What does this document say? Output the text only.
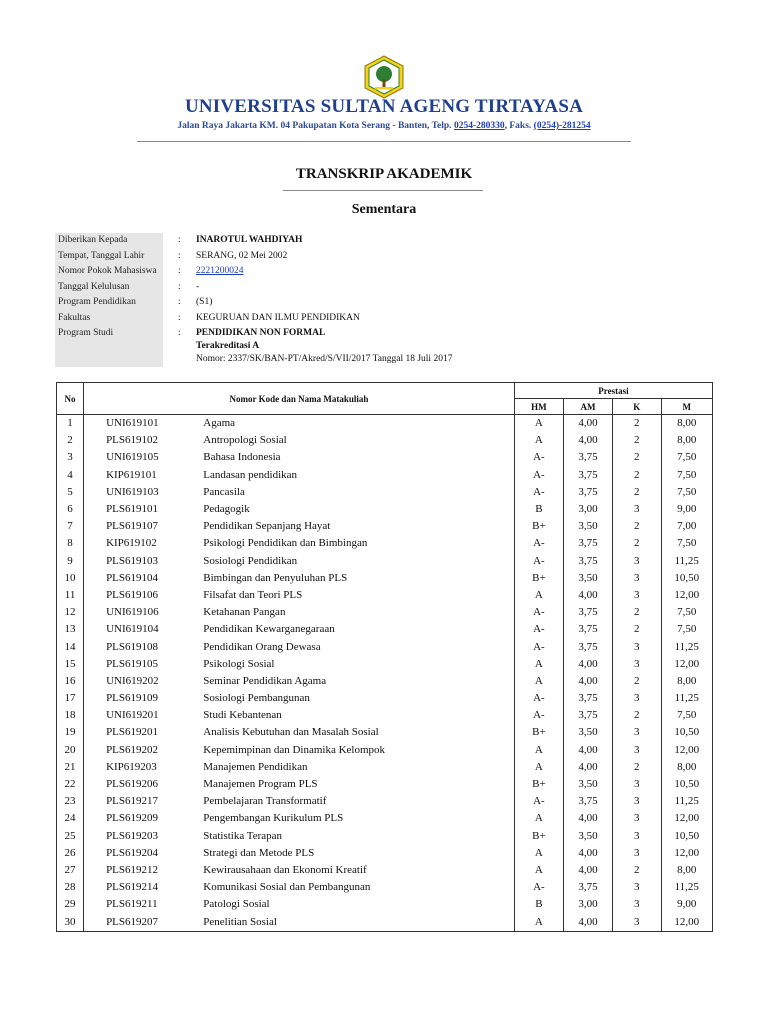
UNIVERSITAS SULTAN AGENG TIRTAYASA
Jalan Raya Jakarta KM. 04 Pakupatan Kota Serang - Banten, Telp. 0254-280330, Faks. (0254)-281254
TRANSKRIP AKADEMIK
Sementara
Diberikan Kepada	: INAROTUL WAHDIYAH
Tempat, Tanggal Lahir	: SERANG, 02 Mei 2002
Nomor Pokok Mahasiswa : 2221200024
Tanggal Kelulusan	: -
Program Pendidikan	: (S1)
Fakultas	: KEGURUAN DAN ILMU PENDIDIKAN
Program Studi	: PENDIDIKAN NON FORMAL
Terakreditasi A
Nomor: 2337/SK/BAN-PT/Akred/S/VII/2017 Tanggal 18 Juli 2017
No	Nomor Kode dan Nama Matakuliah		Prestasi			
			HM	AM	K	M
1	UNI619101	Agama	A	4,00	2	8,00
2	PLS619102	Antropologi Sosial	A	4,00	2	8,00
3	UNI619105	Bahasa Indonesia	A-	3,75	2	7,50
4	KIP619101	Landasan pendidikan	A-	3,75	2	7,50
5	UNI619103	Pancasila	A-	3,75	2	7,50
6	PLS619101	Pedagogik	B	3,00	3	9,00
7	PLS619107	Pendidikan Sepanjang Hayat	B+	3,50	2	7,00
8	KIP619102	Psikologi Pendidikan dan Bimbingan	A-	3,75	2	7,50
9	PLS619103	Sosiologi Pendidikan	A-	3,75	3	11,25
10	PLS619104	Bimbingan dan Penyuluhan PLS	B+	3,50	3	10,50
11	PLS619106	Filsafat dan Teori PLS	A	4,00	3	12,00
12	UNI619106	Ketahanan Pangan	A-	3,75	2	7,50
13	UNI619104	Pendidikan Kewarganegaraan	A-	3,75	2	7,50
14	PLS619108	Pendidikan Orang Dewasa	A-	3,75	3	11,25
15	PLS619105	Psikologi Sosial	A	4,00	3	12,00
16	UNI619202	Seminar Pendidikan Agama	A	4,00	2	8,00
17	PLS619109	Sosiologi Pembangunan	A-	3,75	3	11,25
18	UNI619201	Studi Kebantenan	A-	3,75	2	7,50
19	PLS619201	Analisis Kebutuhan dan Masalah Sosial	B+	3,50	3	10,50
20	PLS619202	Kepemimpinan dan Dinamika Kelompok	A	4,00	3	12,00
21	KIP619203	Manajemen Pendidikan	A	4,00	2	8,00
22	PLS619206	Manajemen Program PLS	B+	3,50	3	10,50
23	PLS619217	Pembelajaran Transformatif	A-	3,75	3	11,25
24	PLS619209	Pengembangan Kurikulum PLS	A	4,00	3	12,00
25	PLS619203	Statistika Terapan	B+	3,50	3	10,50
26	PLS619204	Strategi dan Metode PLS	A	4,00	3	12,00
27	PLS619212	Kewirausahaan dan Ekonomi Kreatif	A	4,00	2	8,00
28	PLS619214	Komunikasi Sosial dan Pembangunan	A-	3,75	3	11,25
29	PLS619211	Patologi Sosial	B	3,00	3	9,00
30	PLS619207	Penelitian Sosial	A	4,00	3	12,00
